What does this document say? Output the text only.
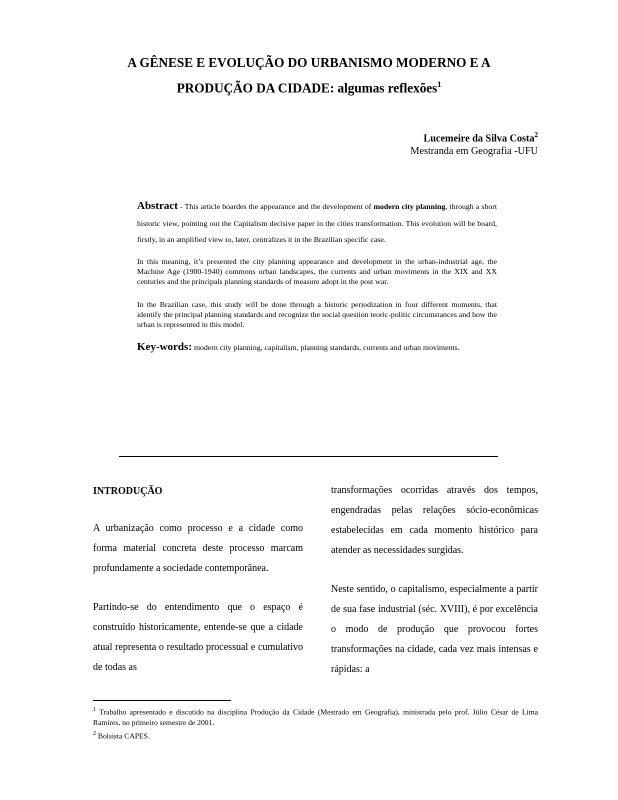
A GÊNESE E EVOLUÇÃO DO URBANISMO MODERNO E A
PRODUÇÃO DA CIDADE: algumas reflexões$^1$
Lucemeire da Silva Costa$^2$
Mestranda em Geografia -UFU
Abstract - This article boardes the appearance and the development of modern city planning, through a short historic view, pointing out the Capitalism decisive paper in the cities transformation. This evolution will be board, firstly, in an amplified view to, later, centralizes it in the Brazilian specific case.
In this meaning, it’s presented the city planning appearance and development in the urban-industrial age, the Machine Age (1900-1940) commons urban landscapes, the currents and urban moviments in the XIX and XX centuries and the principals planning standards of measure adopt in the post war.
In the Brazilian case, this study will be done through a historic periodization in four different moments, that identify the principal planning standards and recognize the social question teoric-politic circumstances and how the urban is represented in this model.
Key-words: modern city planning, capitalism, planning standards, currents and urban moviments.
INTRODUÇÃO

A urbanização como processo e a cidade como forma material concreta deste processo marcam profundamente a sociedade contemporânea.

Partindo-se do entendimento que o espaço é construído historicamente, entende-se que a cidade atual representa o resultado processual e cumulativo de todas as

transformações ocorridas através dos tempos, engendradas pelas relações sócio-econômicas estabelecidas em cada momento histórico para atender as necessidades surgidas.

Neste sentido, o capitalismo, especialmente a partir de sua fase industrial (séc. XVIII), é por excelência o modo de produção que provocou fortes transformações na cidade, cada vez mais intensas e rápidas: a

$^1$ Trabalho apresentado e discutido na disciplina Produção da Cidade (Mestrado em Geografia), ministrada pelo prof. Júlio César de Lima Ramires, no primeiro semestre de 2001.

$^2$ Bolsista CAPES.
